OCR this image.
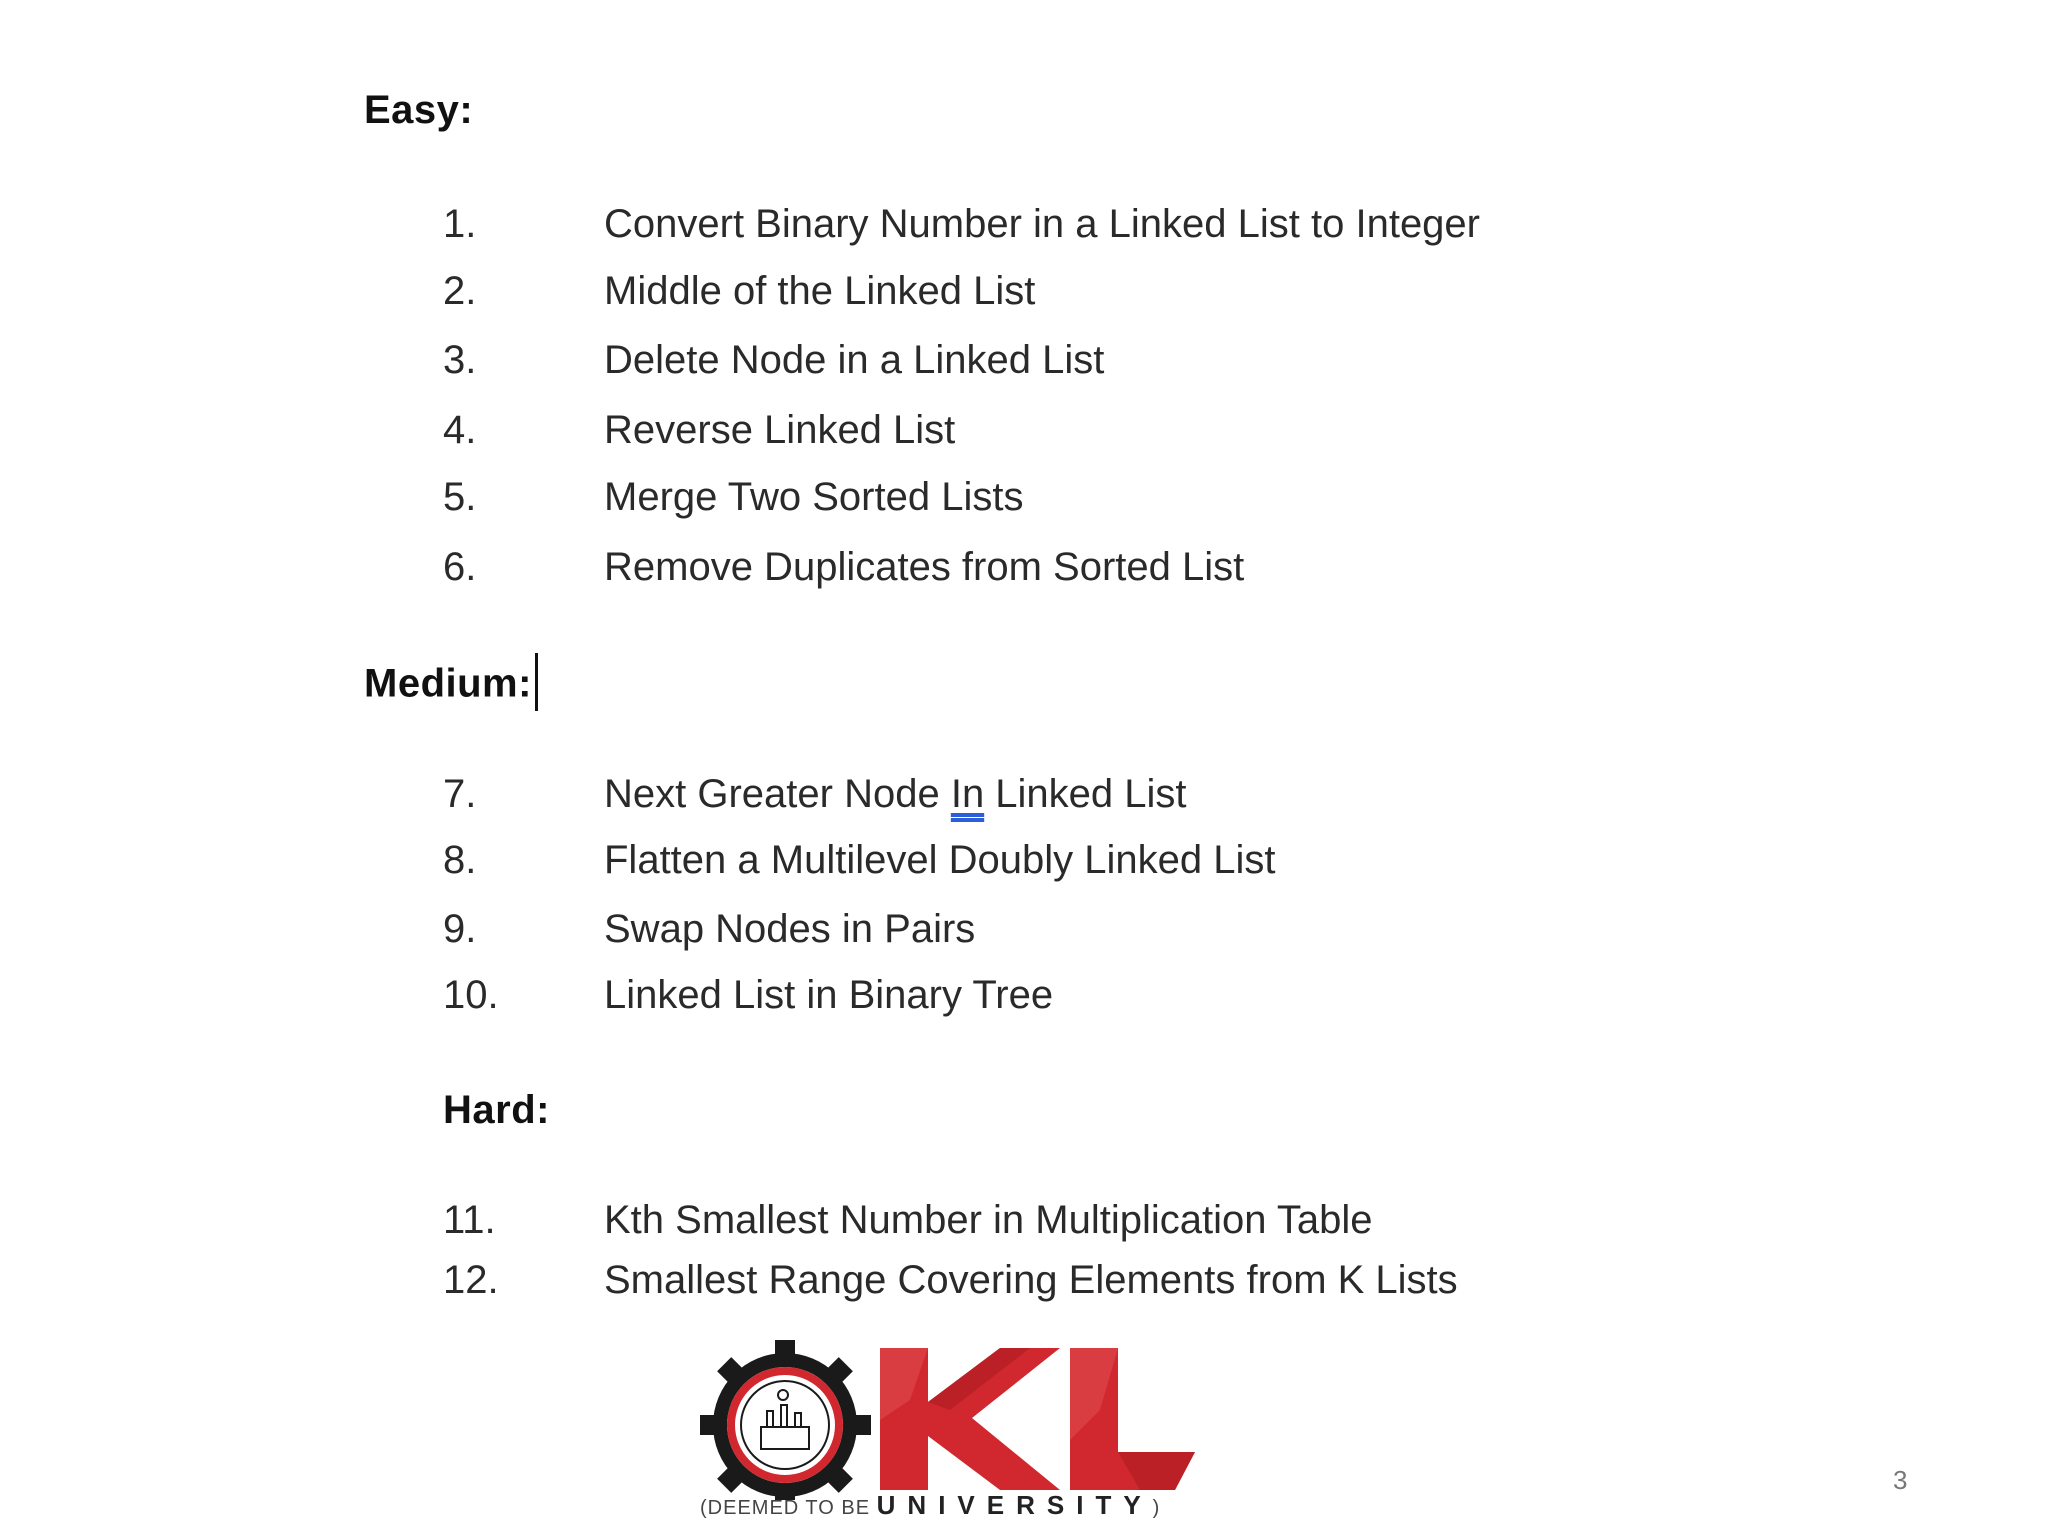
Easy:
1.	Convert Binary Number in a Linked List to Integer
2.	Middle of the Linked List
3.	Delete Node in a Linked List
4.	Reverse Linked List
5.	Merge Two Sorted Lists
6.	Remove Duplicates from Sorted List
Medium:
7.	Next Greater Node In Linked List
8.	Flatten a Multilevel Doubly Linked List
9.	Swap Nodes in Pairs
10.	Linked List in Binary Tree
Hard:
11.	Kth Smallest Number in Multiplication Table
12.	Smallest Range Covering Elements from K Lists
(DEEMED TO BE UNIVERSITY)
3
